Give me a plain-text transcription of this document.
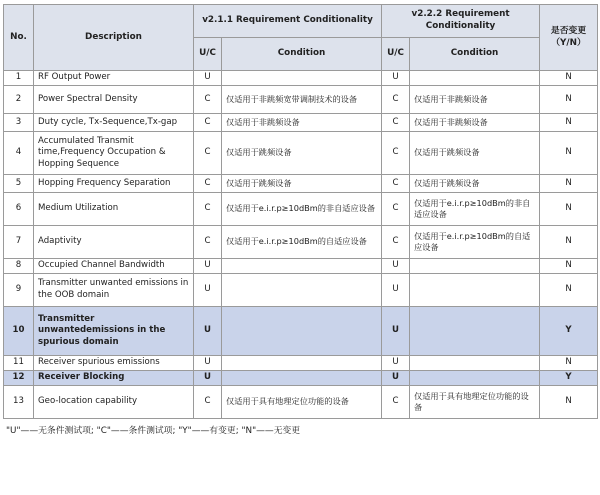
No.	Description	v2.1.1 Requirement Conditionality		v2.2.2 Requirement Conditionality		是否变更 （Y/N）
		U/C	Condition	U/C	Condition	
1	RF Output Power	U		U		N
2	Power Spectral Density	C	仅适用于非跳频宽带调制技术的设备	C	仅适用于非跳频设备	N
3	Duty cycle, Tx-Sequence,Tx-gap	C	仅适用于非跳频设备	C	仅适用于非跳频设备	N
4	Accumulated Transmit time,Frequency Occupation & Hopping Sequence	C	仅适用于跳频设备	C	仅适用于跳频设备	N
5	Hopping Frequency Separation	C	仅适用于跳频设备	C	仅适用于跳频设备	N
6	Medium Utilization	C	仅适用于e.i.r.p≥10dBm的非自适应设备	C	仅适用于e.i.r.p≥10dBm的非自适应设备	N
7	Adaptivity	C	仅适用于e.i.r.p≥10dBm的自适应设备	C	仅适用于e.i.r.p≥10dBm的自适应设备	N
8	Occupied Channel Bandwidth	U		U		N
9	Transmitter unwanted emissions in the OOB domain	U		U		N
10	Transmitter unwantedemissions in the spurious domain	U		U		Y
11	Receiver spurious emissions	U		U		N
12	Receiver Blocking	U		U		Y
13	Geo-location capability	C	仅适用于具有地理定位功能的设备	C	仅适用于具有地理定位功能的设备	N
"U"——无条件测试项; "C"——条件测试项; "Y"——有变更; "N"——无变更
